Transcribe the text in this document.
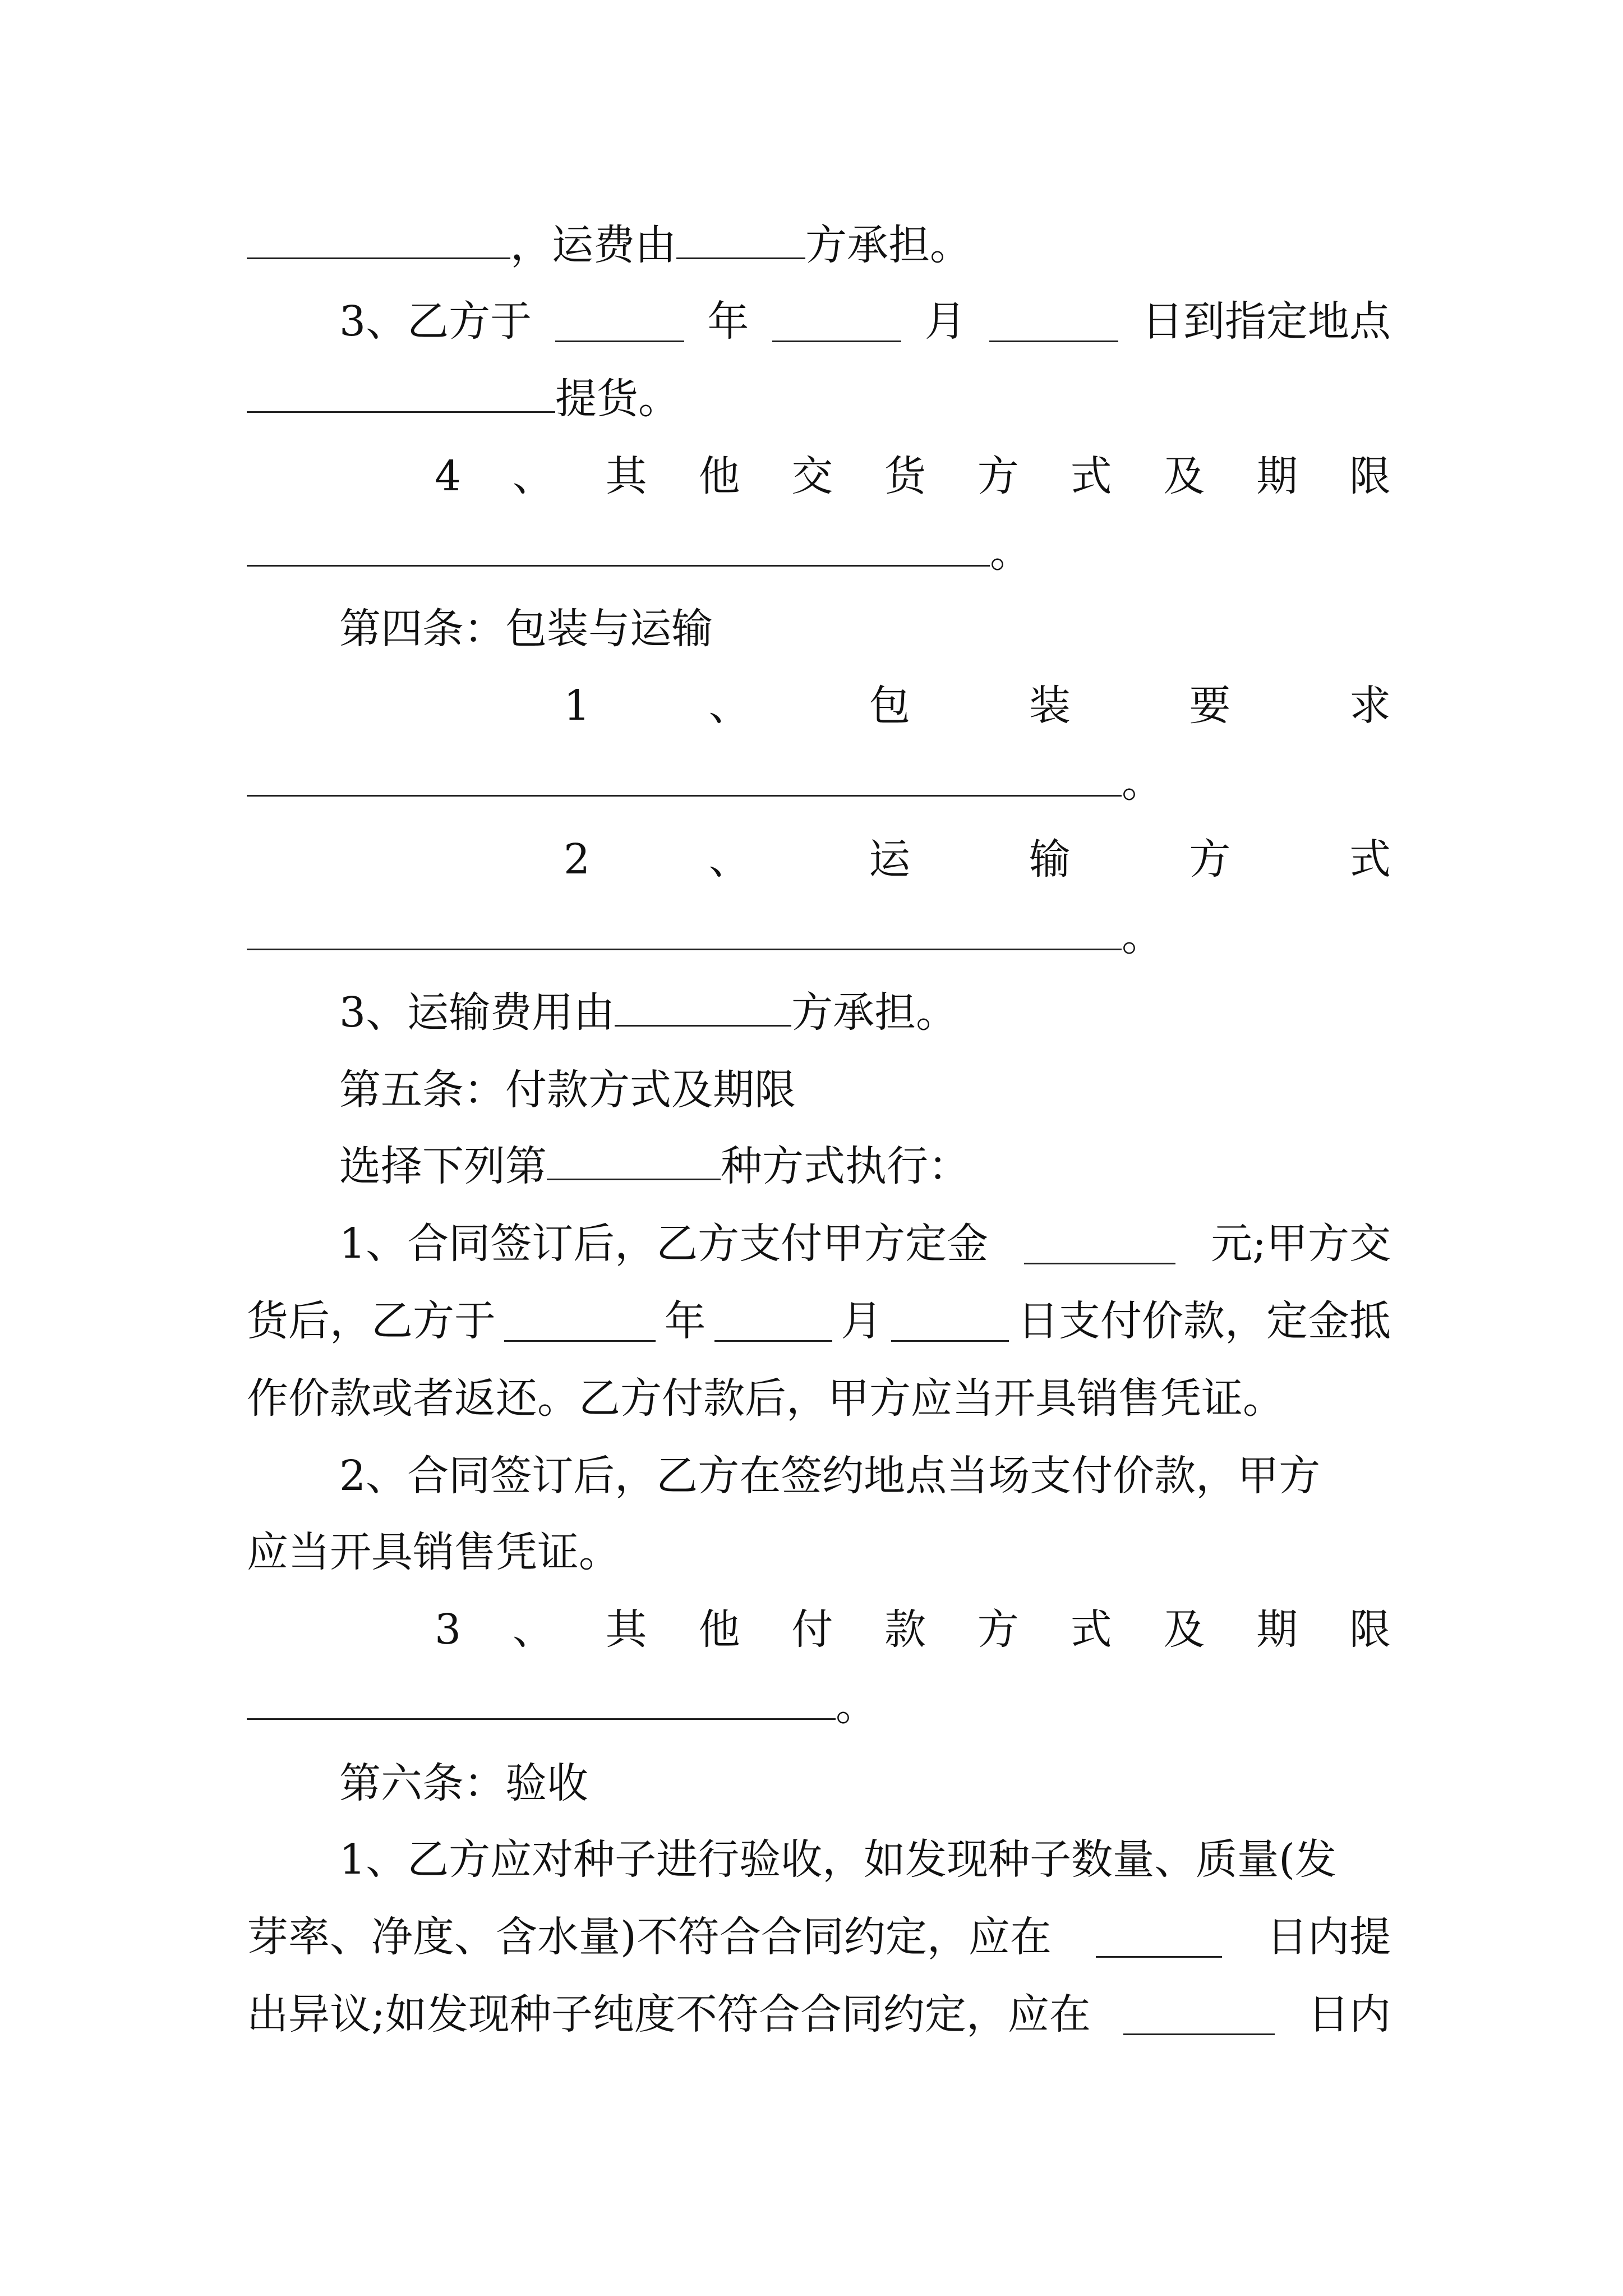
，运费由	方承担。
3、乙方于	年	月	日到指定地点
提货。
4 、 其 他 交 货 方 式 及 期 限
。
第四条：包装与运输
1	、	包	装	要	求
。
2	、	运	输	方	式
。
3、运输费用由	方承担。
第五条：付款方式及期限
选择下列第	种方式执行：
1、合同签订后，乙方支付甲方定金	元;甲方交
货后，乙方于	年	月	日支付价款，定金抵
作价款或者返还。乙方付款后，甲方应当开具销售凭证。
2、合同签订后，乙方在签约地点当场支付价款，甲方
应当开具销售凭证。
3 、 其 他 付 款 方 式 及 期 限
。
第六条：验收
1、乙方应对种子进行验收，如发现种子数量、质量(发
芽率、净度、含水量)不符合合同约定，应在	日内提
出异议;如发现种子纯度不符合合同约定，应在	日内
